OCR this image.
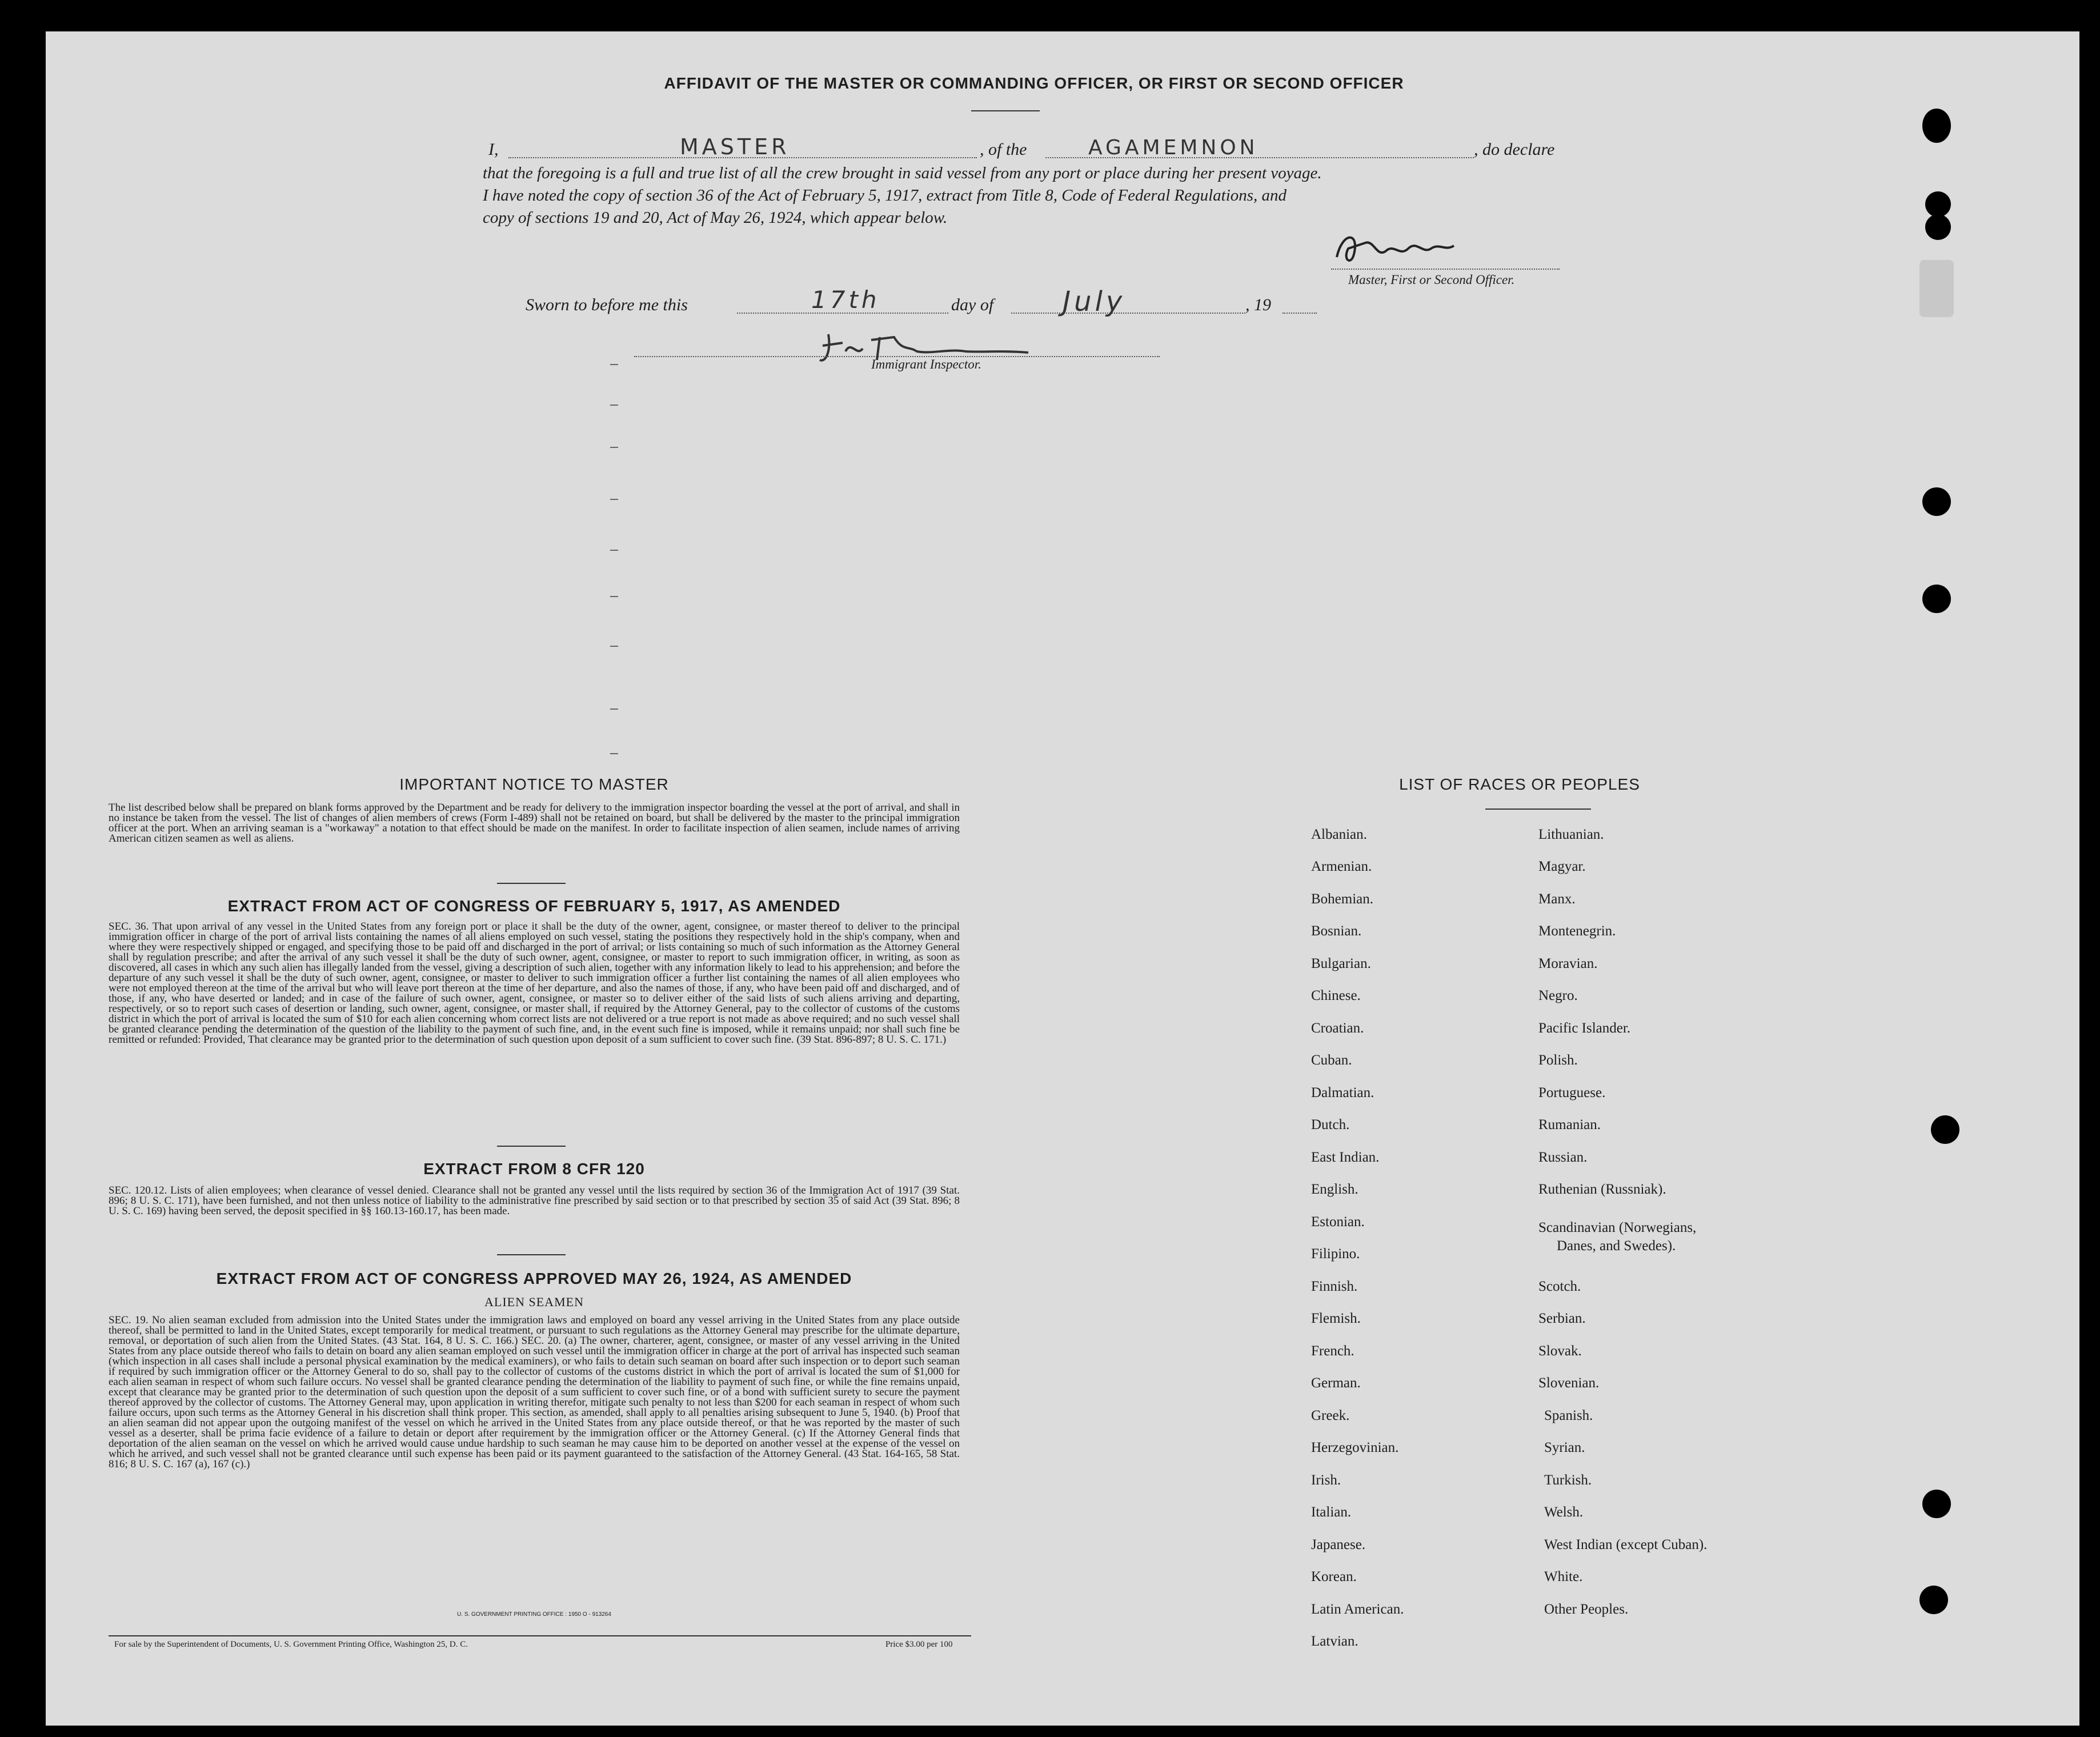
AFFIDAVIT OF THE MASTER OR COMMANDING OFFICER, OR FIRST OR SECOND OFFICER
I,	MASTER	, of the	AGAMEMNON	, do declare
that the foregoing is a full and true list of all the crew brought in said vessel from any port or place during her present voyage.
I have noted the copy of section 36 of the Act of February 5, 1917, extract from Title 8, Code of Federal Regulations, and
copy of sections 19 and 20, Act of May 26, 1924, which appear below.
Master, First or Second Officer.
Sworn to before me this	17th	day of	July	, 19
Immigrant Inspector.
IMPORTANT NOTICE TO MASTER
The list described below shall be prepared on blank forms approved by the Department and be ready for delivery to the immigration inspector boarding the vessel at the port of arrival, and shall in no instance be taken from the vessel. The list of changes of alien members of crews (Form I-489) shall not be retained on board, but shall be delivered by the master to the principal immigration officer at the port. When an arriving seaman is a "workaway" a notation to that effect should be made on the manifest. In order to facilitate inspection of alien seamen, include names of arriving American citizen seamen as well as aliens.
EXTRACT FROM ACT OF CONGRESS OF FEBRUARY 5, 1917, AS AMENDED
SEC. 36. That upon arrival of any vessel in the United States from any foreign port or place it shall be the duty of the owner, agent, consignee, or master thereof to deliver to the principal immigration officer in charge of the port of arrival lists containing the names of all aliens employed on such vessel, stating the positions they respectively hold in the ship's company, when and where they were respectively shipped or engaged, and specifying those to be paid off and discharged in the port of arrival; or lists containing so much of such information as the Attorney General shall by regulation prescribe; and after the arrival of any such vessel it shall be the duty of such owner, agent, consignee, or master to report to such immigration officer, in writing, as soon as discovered, all cases in which any such alien has illegally landed from the vessel, giving a description of such alien, together with any information likely to lead to his apprehension; and before the departure of any such vessel it shall be the duty of such owner, agent, consignee, or master to deliver to such immigration officer a further list containing the names of all alien employees who were not employed thereon at the time of the arrival but who will leave port thereon at the time of her departure, and also the names of those, if any, who have been paid off and discharged, and of those, if any, who have deserted or landed; and in case of the failure of such owner, agent, consignee, or master so to deliver either of the said lists of such aliens arriving and departing, respectively, or so to report such cases of desertion or landing, such owner, agent, consignee, or master shall, if required by the Attorney General, pay to the collector of customs of the customs district in which the port of arrival is located the sum of $10 for each alien concerning whom correct lists are not delivered or a true report is not made as above required; and no such vessel shall be granted clearance pending the determination of the question of the liability to the payment of such fine, and, in the event such fine is imposed, while it remains unpaid; nor shall such fine be remitted or refunded: Provided, That clearance may be granted prior to the determination of such question upon deposit of a sum sufficient to cover such fine. (39 Stat. 896-897; 8 U. S. C. 171.)
EXTRACT FROM 8 CFR 120
SEC. 120.12. Lists of alien employees; when clearance of vessel denied. Clearance shall not be granted any vessel until the lists required by section 36 of the Immigration Act of 1917 (39 Stat. 896; 8 U. S. C. 171), have been furnished, and not then unless notice of liability to the administrative fine prescribed by said section or to that prescribed by section 35 of said Act (39 Stat. 896; 8 U. S. C. 169) having been served, the deposit specified in §§ 160.13-160.17, has been made.
EXTRACT FROM ACT OF CONGRESS APPROVED MAY 26, 1924, AS AMENDED
ALIEN SEAMEN
SEC. 19. No alien seaman excluded from admission into the United States under the immigration laws and employed on board any vessel arriving in the United States from any place outside thereof, shall be permitted to land in the United States, except temporarily for medical treatment, or pursuant to such regulations as the Attorney General may prescribe for the ultimate departure, removal, or deportation of such alien from the United States. (43 Stat. 164, 8 U. S. C. 166.) SEC. 20. (a) The owner, charterer, agent, consignee, or master of any vessel arriving in the United States from any place outside thereof who fails to detain on board any alien seaman employed on such vessel until the immigration officer in charge at the port of arrival has inspected such seaman (which inspection in all cases shall include a personal physical examination by the medical examiners), or who fails to detain such seaman on board after such inspection or to deport such seaman if required by such immigration officer or the Attorney General to do so, shall pay to the collector of customs of the customs district in which the port of arrival is located the sum of $1,000 for each alien seaman in respect of whom such failure occurs. No vessel shall be granted clearance pending the determination of the liability to payment of such fine, or while the fine remains unpaid, except that clearance may be granted prior to the determination of such question upon the deposit of a sum sufficient to cover such fine, or of a bond with sufficient surety to secure the payment thereof approved by the collector of customs. The Attorney General may, upon application in writing therefor, mitigate such penalty to not less than $200 for each seaman in respect of whom such failure occurs, upon such terms as the Attorney General in his discretion shall think proper. This section, as amended, shall apply to all penalties arising subsequent to June 5, 1940. (b) Proof that an alien seaman did not appear upon the outgoing manifest of the vessel on which he arrived in the United States from any place outside thereof, or that he was reported by the master of such vessel as a deserter, shall be prima facie evidence of a failure to detain or deport after requirement by the immigration officer or the Attorney General. (c) If the Attorney General finds that deportation of the alien seaman on the vessel on which he arrived would cause undue hardship to such seaman he may cause him to be deported on another vessel at the expense of the vessel on which he arrived, and such vessel shall not be granted clearance until such expense has been paid or its payment guaranteed to the satisfaction of the Attorney General. (43 Stat. 164-165, 58 Stat. 816; 8 U. S. C. 167 (a), 167 (c).)
U. S. GOVERNMENT PRINTING OFFICE : 1950 O - 913264
For sale by the Superintendent of Documents, U. S. Government Printing Office, Washington 25, D. C.	Price $3.00 per 100
LIST OF RACES OR PEOPLES
Albanian.
Armenian.
Bohemian.
Bosnian.
Bulgarian.
Chinese.
Croatian.
Cuban.
Dalmatian.
Dutch.
East Indian.
English.
Estonian.
Filipino.
Finnish.
Flemish.
French.
German.
Greek.
Herzegovinian.
Irish.
Italian.
Japanese.
Korean.
Latin American.
Latvian.
Lithuanian.
Magyar.
Manx.
Montenegrin.
Moravian.
Negro.
Pacific Islander.
Polish.
Portuguese.
Rumanian.
Russian.
Ruthenian (Russniak).
Scandinavian (Norwegians,
Danes, and Swedes).
Scotch.
Serbian.
Slovak.
Slovenian.
Spanish.
Syrian.
Turkish.
Welsh.
West Indian (except Cuban).
White.
Other Peoples.
